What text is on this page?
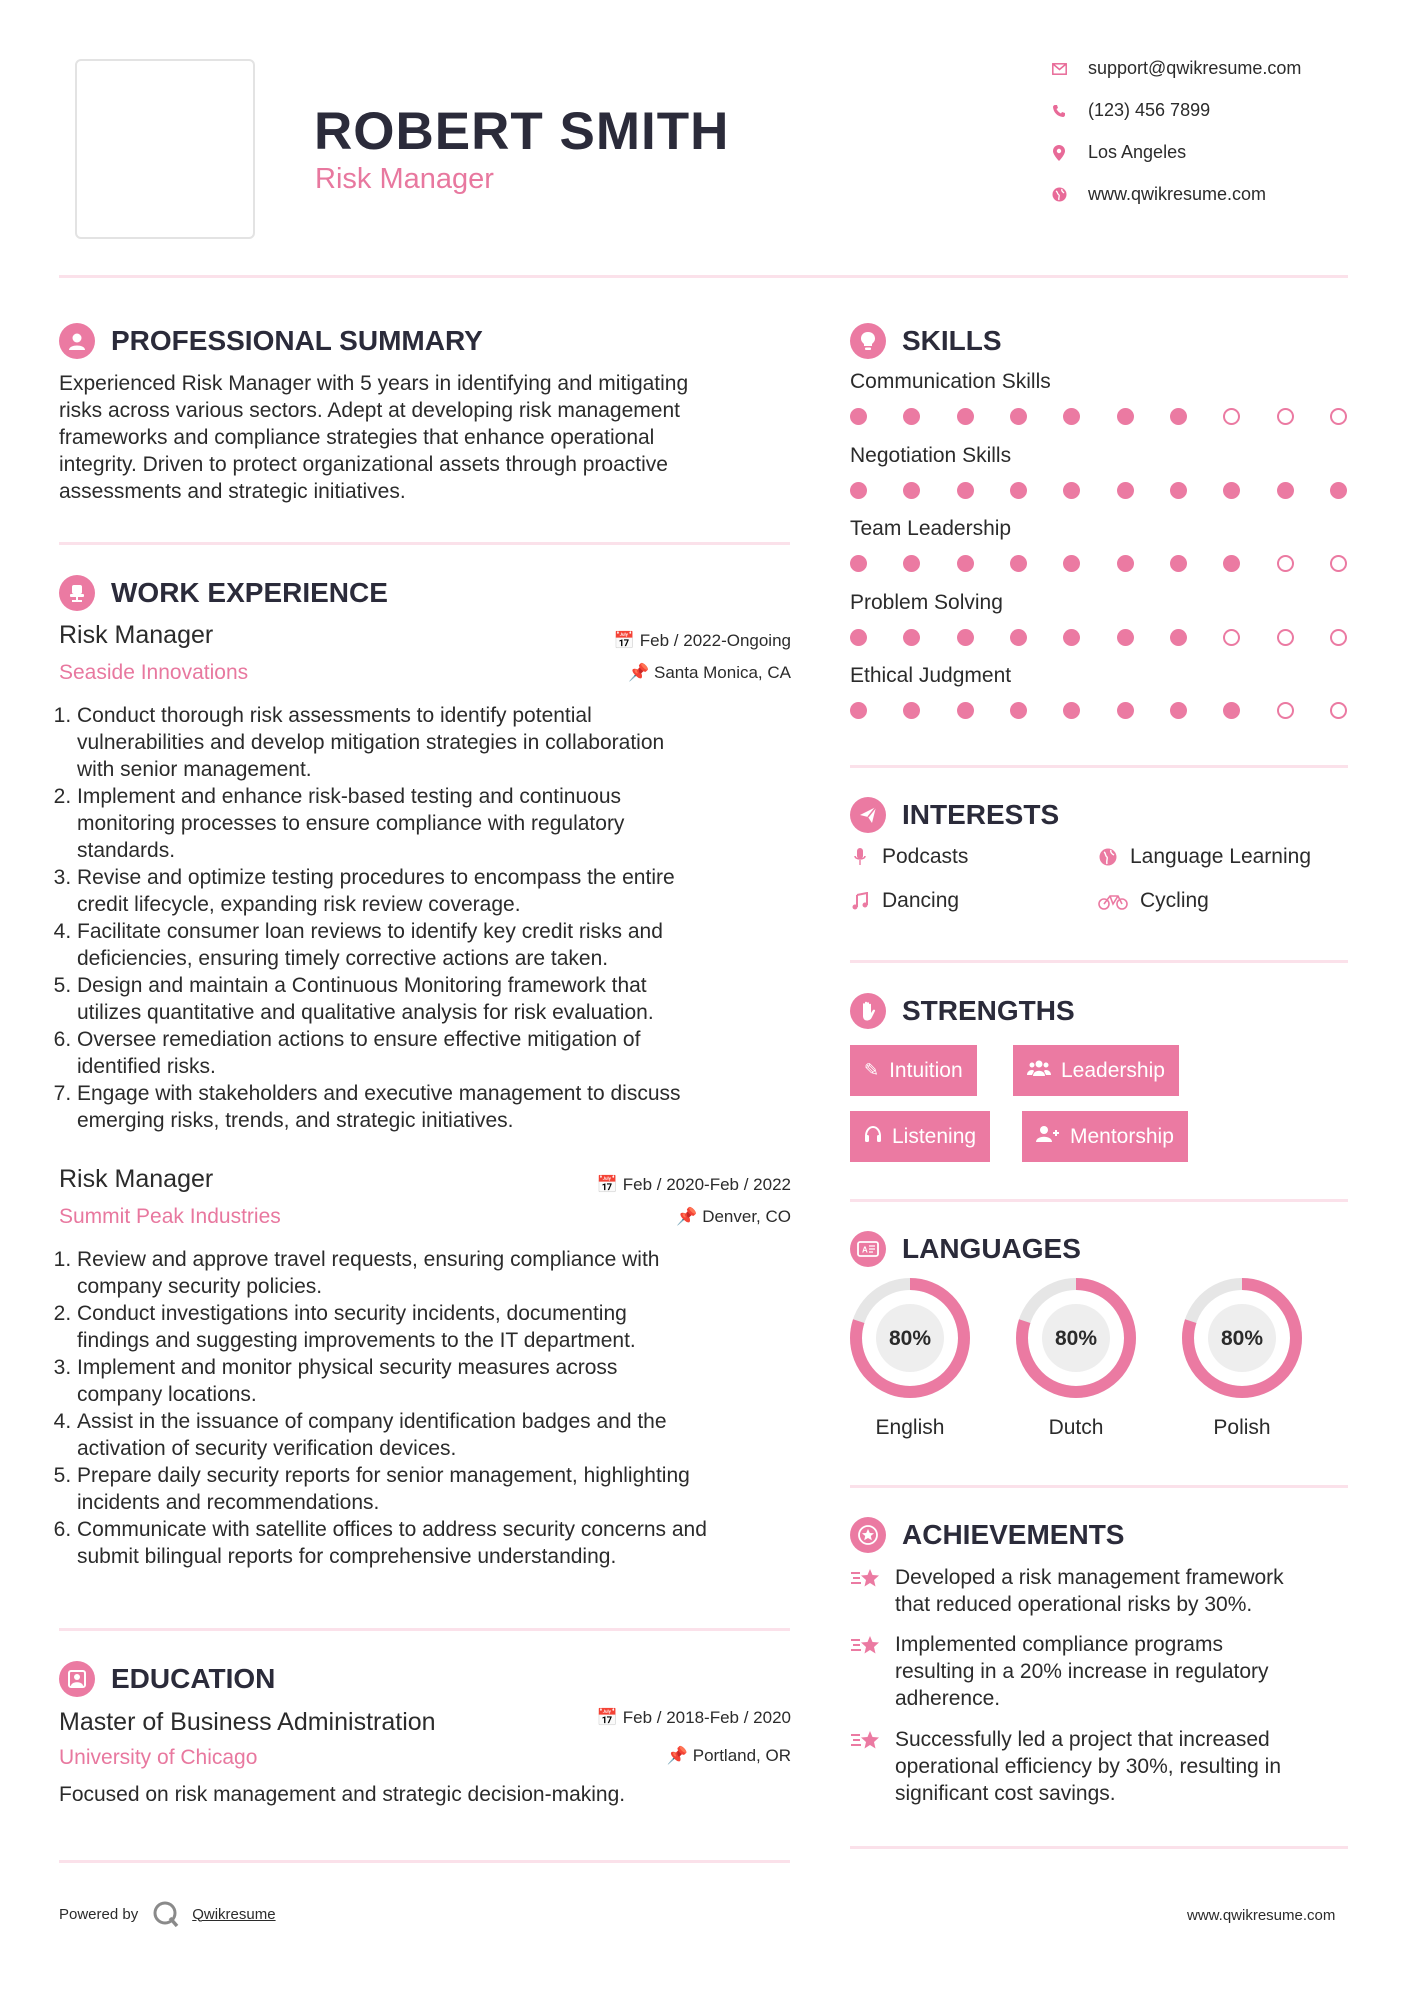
ROBERT SMITH
Risk Manager
support@qwikresume.com
(123) 456 7899
Los Angeles
www.qwikresume.com
PROFESSIONAL SUMMARY
Experienced Risk Manager with 5 years in identifying and mitigating
risks across various sectors. Adept at developing risk management
frameworks and compliance strategies that enhance operational
integrity. Driven to protect organizational assets through proactive
assessments and strategic initiatives.
WORK EXPERIENCE
Risk Manager	📅 Feb / 2022-Ongoing
Seaside Innovations	📌 Santa Monica, CA
1. Conduct thorough risk assessments to identify potential
vulnerabilities and develop mitigation strategies in collaboration
with senior management.
2. Implement and enhance risk-based testing and continuous
monitoring processes to ensure compliance with regulatory
standards.
3. Revise and optimize testing procedures to encompass the entire
credit lifecycle, expanding risk review coverage.
4. Facilitate consumer loan reviews to identify key credit risks and
deficiencies, ensuring timely corrective actions are taken.
5. Design and maintain a Continuous Monitoring framework that
utilizes quantitative and qualitative analysis for risk evaluation.
6. Oversee remediation actions to ensure effective mitigation of
identified risks.
7. Engage with stakeholders and executive management to discuss
emerging risks, trends, and strategic initiatives.
Risk Manager	📅 Feb / 2020-Feb / 2022
Summit Peak Industries	📌 Denver, CO
1. Review and approve travel requests, ensuring compliance with
company security policies.
2. Conduct investigations into security incidents, documenting
findings and suggesting improvements to the IT department.
3. Implement and monitor physical security measures across
company locations.
4. Assist in the issuance of company identification badges and the
activation of security verification devices.
5. Prepare daily security reports for senior management, highlighting
incidents and recommendations.
6. Communicate with satellite offices to address security concerns and
submit bilingual reports for comprehensive understanding.
EDUCATION
Master of Business Administration	📅 Feb / 2018-Feb / 2020
University of Chicago	📌 Portland, OR
Focused on risk management and strategic decision-making.
SKILLS
Communication Skills
Negotiation Skills
Team Leadership
Problem Solving
Ethical Judgment
INTERESTS
Podcasts	Language Learning
Dancing	Cycling
STRENGTHS
✎ Intuition	Leadership
Listening	Mentorship
A LANGUAGES
80%
English
80%
Dutch
80%
Polish
ACHIEVEMENTS
Developed a risk management framework
that reduced operational risks by 30%.
Implemented compliance programs
resulting in a 20% increase in regulatory
adherence.
Successfully led a project that increased
operational efficiency by 30%, resulting in
significant cost savings.
Powered by	Qwikresume	www.qwikresume.com
